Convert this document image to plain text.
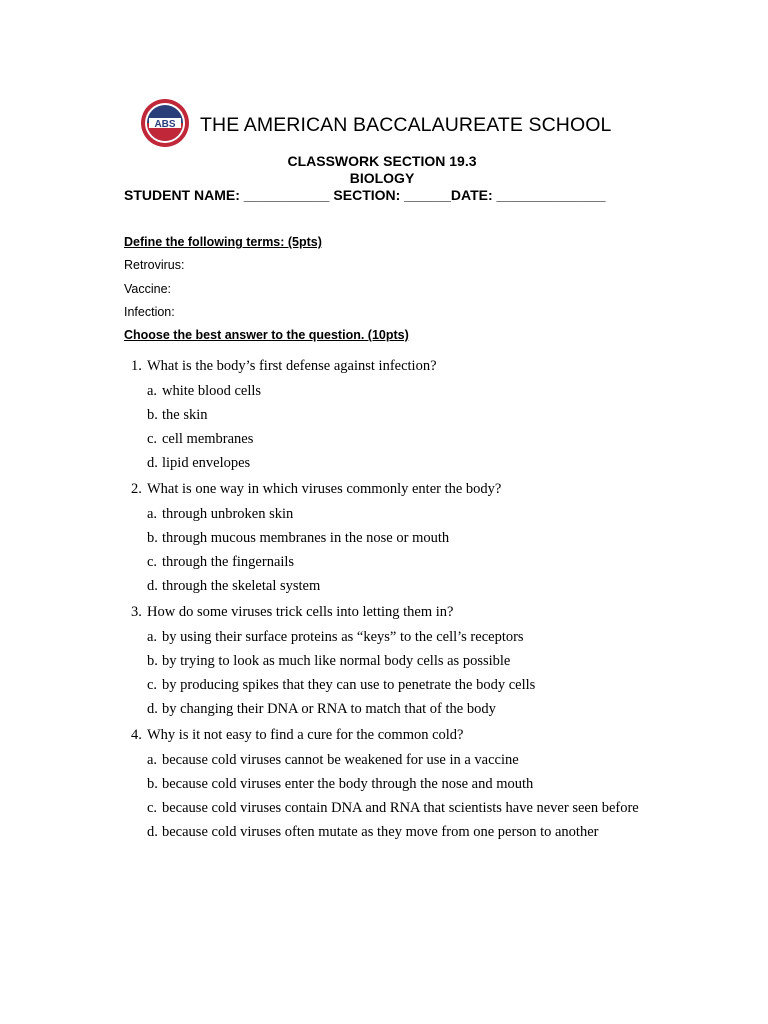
ABS THE AMERICAN BACCALAUREATE SCHOOL
CLASSWORK SECTION 19.3
BIOLOGY
STUDENT NAME: ___________ SECTION: ______DATE: ______________
Define the following terms: (5pts)
Retrovirus:
Vaccine:
Infection:
Choose the best answer to the question. (10pts)
1. What is the body’s first defense against infection?
a. white blood cells
b. the skin
c. cell membranes
d. lipid envelopes
2. What is one way in which viruses commonly enter the body?
a. through unbroken skin
b. through mucous membranes in the nose or mouth
c. through the fingernails
d. through the skeletal system
3. How do some viruses trick cells into letting them in?
a. by using their surface proteins as “keys” to the cell’s receptors
b. by trying to look as much like normal body cells as possible
c. by producing spikes that they can use to penetrate the body cells
d. by changing their DNA or RNA to match that of the body
4. Why is it not easy to find a cure for the common cold?
a. because cold viruses cannot be weakened for use in a vaccine
b. because cold viruses enter the body through the nose and mouth
c. because cold viruses contain DNA and RNA that scientists have never seen before
d. because cold viruses often mutate as they move from one person to another
